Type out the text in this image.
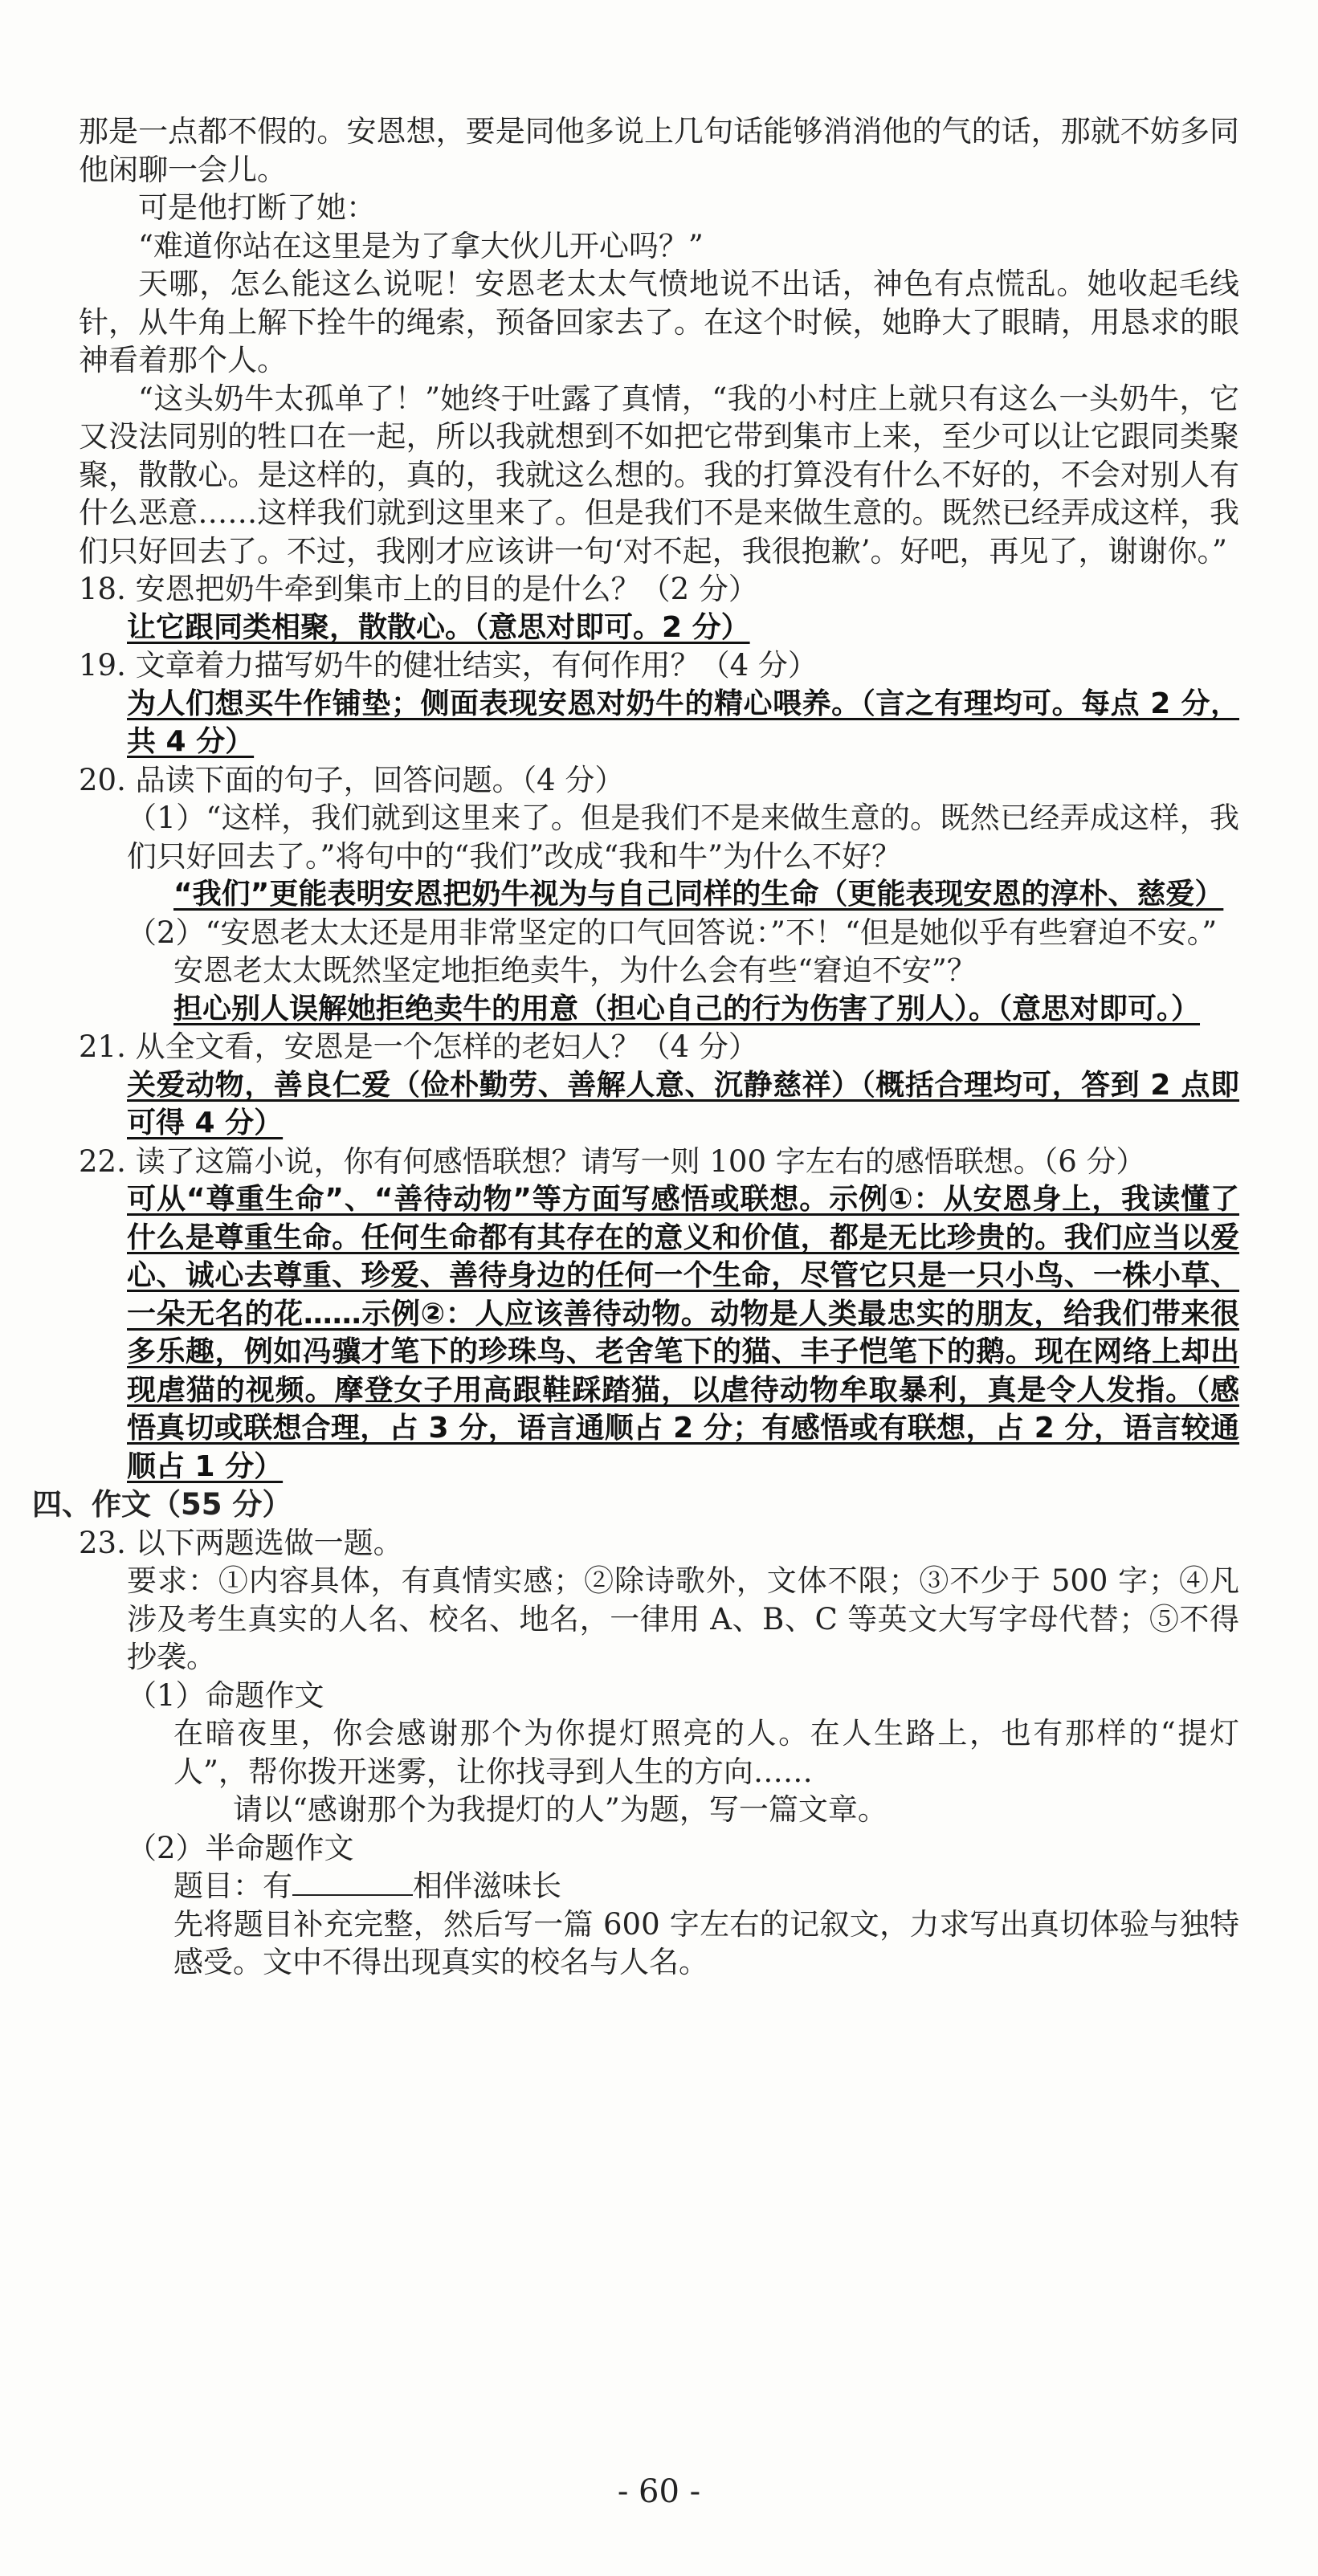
那是一点都不假的。安恩想，要是同他多说上几句话能够消消他的气的话，那就不妨多同他闲聊一会儿。

可是他打断了她：

“难道你站在这里是为了拿大伙儿开心吗？”

天哪，怎么能这么说呢！安恩老太太气愤地说不出话，神色有点慌乱。她收起毛线针，从牛角上解下拴牛的绳索，预备回家去了。在这个时候，她睁大了眼睛，用恳求的眼神看着那个人。

“这头奶牛太孤单了！”她终于吐露了真情，“我的小村庄上就只有这么一头奶牛，它又没法同别的牲口在一起，所以我就想到不如把它带到集市上来，至少可以让它跟同类聚聚，散散心。是这样的，真的，我就这么想的。我的打算没有什么不好的，不会对别人有什么恶意……这样我们就到这里来了。但是我们不是来做生意的。既然已经弄成这样，我们只好回去了。不过，我刚才应该讲一句‘对不起，我很抱歉’。好吧，再见了，谢谢你。”

18. 安恩把奶牛牵到集市上的目的是什么？（2 分）

让它跟同类相聚，散散心。（意思对即可。2 分）

19. 文章着力描写奶牛的健壮结实，有何作用？（4 分）

为人们想买牛作铺垫；侧面表现安恩对奶牛的精心喂养。（言之有理均可。每点 2 分，共 4 分）

20. 品读下面的句子，回答问题。（4 分）

（1）“这样，我们就到这里来了。但是我们不是来做生意的。既然已经弄成这样，我们只好回去了。”将句中的“我们”改成“我和牛”为什么不好？

“我们”更能表明安恩把奶牛视为与自己同样的生命（更能表现安恩的淳朴、慈爱）

（2）“安恩老太太还是用非常坚定的口气回答说：”不！“但是她似乎有些窘迫不安。”

安恩老太太既然坚定地拒绝卖牛，为什么会有些“窘迫不安”？

担心别人误解她拒绝卖牛的用意（担心自己的行为伤害了别人）。（意思对即可。）

21. 从全文看，安恩是一个怎样的老妇人？（4 分）

关爱动物，善良仁爱（俭朴勤劳、善解人意、沉静慈祥）（概括合理均可，答到 2 点即可得 4 分）

22. 读了这篇小说，你有何感悟联想？请写一则 100 字左右的感悟联想。（6 分）

可从“尊重生命”、“善待动物”等方面写感悟或联想。示例①：从安恩身上，我读懂了什么是尊重生命。任何生命都有其存在的意义和价值，都是无比珍贵的。我们应当以爱心、诚心去尊重、珍爱、善待身边的任何一个生命，尽管它只是一只小鸟、一株小草、一朵无名的花……示例②：人应该善待动物。动物是人类最忠实的朋友，给我们带来很多乐趣，例如冯骥才笔下的珍珠鸟、老舍笔下的猫、丰子恺笔下的鹅。现在网络上却出现虐猫的视频。摩登女子用高跟鞋踩踏猫，以虐待动物牟取暴利，真是令人发指。（感悟真切或联想合理，占 3 分，语言通顺占 2 分；有感悟或有联想，占 2 分，语言较通顺占 1 分）

四、作文（55 分）

23. 以下两题选做一题。

要求：①内容具体，有真情实感；②除诗歌外，文体不限；③不少于 500 字；④凡涉及考生真实的人名、校名、地名，一律用 A、B、C 等英文大写字母代替；⑤不得抄袭。

（1）命题作文

在暗夜里，你会感谢那个为你提灯照亮的人。在人生路上，也有那样的“提灯人”，帮你拨开迷雾，让你找寻到人生的方向……

请以“感谢那个为我提灯的人”为题，写一篇文章。

（2）半命题作文

题目：有	相伴滋味长

先将题目补充完整，然后写一篇 600 字左右的记叙文，力求写出真切体验与独特感受。文中不得出现真实的校名与人名。

- 60 -
